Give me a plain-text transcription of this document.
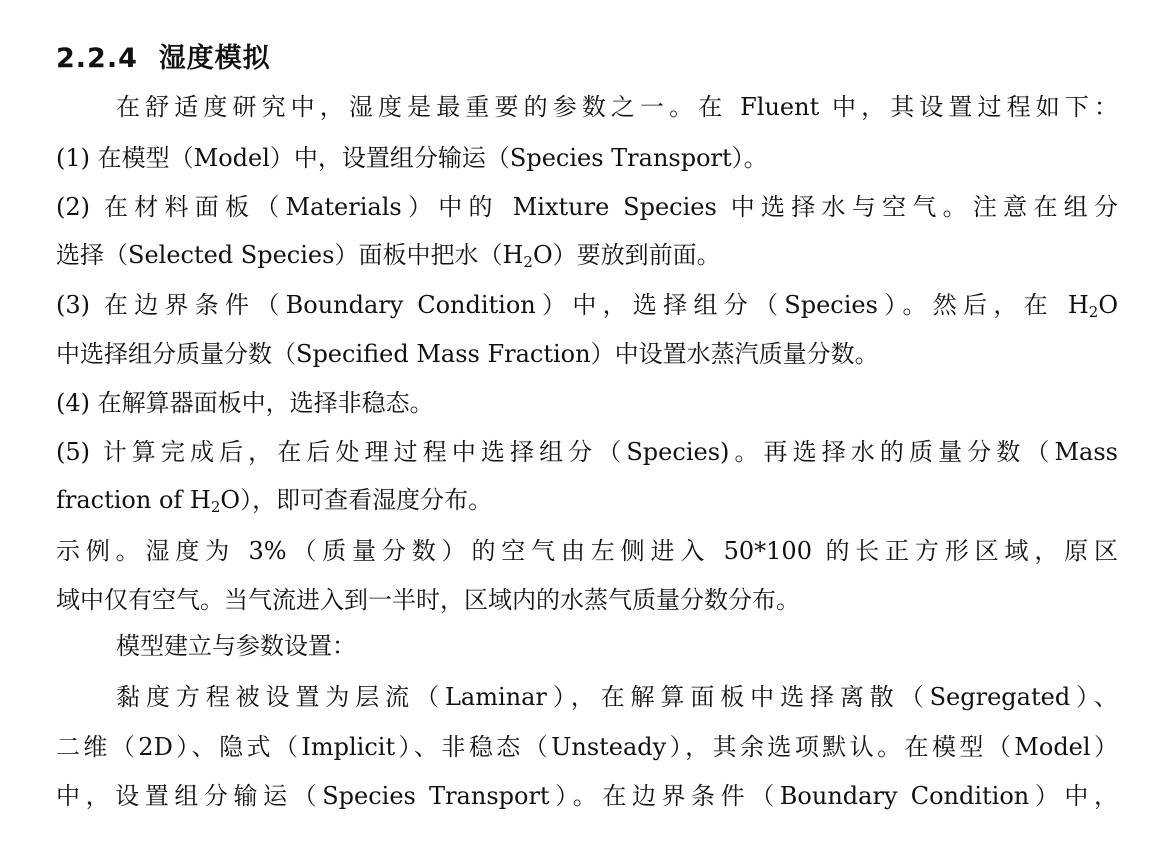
2.2.4 湿度模拟
在舒适度研究中，湿度是最重要的参数之一。在 Fluent 中，其设置过程如下：
(1) 在模型（Model）中，设置组分输运（Species Transport）。
(2) 在材料面板（Materials）中的 Mixture Species 中选择水与空气。注意在组分
选择（Selected Species）面板中把水$(H_2O)$要放到前面。
(3) 在边界条件（Boundary Condition）中，选择组分（Species）。然后，在 $H_2O$
中选择组分质量分数（Specified Mass Fraction）中设置水蒸汽质量分数。
(4) 在解算器面板中，选择非稳态。
(5) 计算完成后，在后处理过程中选择组分（Species)。再选择水的质量分数（Mass
fraction of $H_2O$），即可查看湿度分布。
示例。湿度为 3%（质量分数）的空气由左侧进入 50*100 的长正方形区域，原区
域中仅有空气。当气流进入到一半时，区域内的水蒸气质量分数分布。
模型建立与参数设置：
黏度方程被设置为层流（Laminar），在解算面板中选择离散（Segregated）、
二维（2D）、隐式（Implicit）、非稳态（Unsteady），其余选项默认。在模型（Model）
中，设置组分输运（Species Transport）。在边界条件（Boundary Condition）中，
